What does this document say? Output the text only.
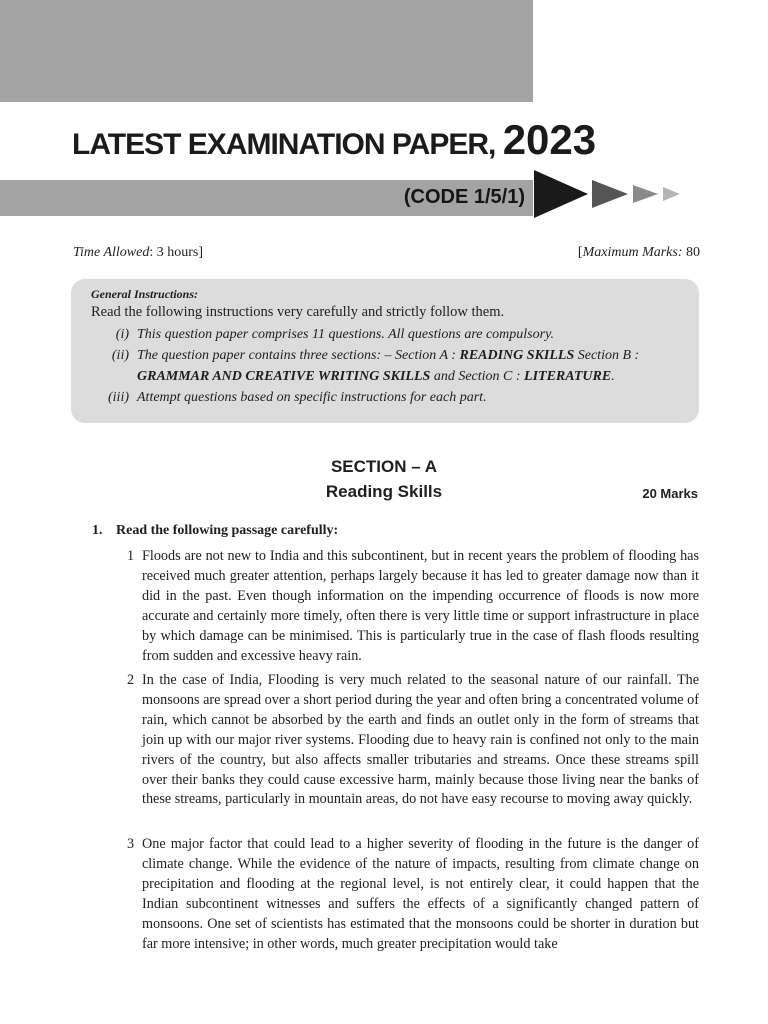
LATEST EXAMINATION PAPER, 2023
(CODE 1/5/1)
Time Allowed: 3 hours]	[Maximum Marks: 80
General Instructions:
Read the following instructions very carefully and strictly follow them.
(i) This question paper comprises 11 questions. All questions are compulsory.
(ii) The question paper contains three sections: – Section A : READING SKILLS Section B : GRAMMAR AND CREATIVE WRITING SKILLS and Section C : LITERATURE.
(iii) Attempt questions based on specific instructions for each part.
SECTION – A
Reading Skills	20 Marks
1. Read the following passage carefully:
1 Floods are not new to India and this subcontinent, but in recent years the problem of flooding has received much greater attention, perhaps largely because it has led to greater damage now than it did in the past. Even though information on the impending occurrence of floods is now more accurate and certainly more timely, often there is very little time or support infrastructure in place by which damage can be minimised. This is particularly true in the case of flash floods resulting from sudden and excessive heavy rain.
2 In the case of India, Flooding is very much related to the seasonal nature of our rainfall. The monsoons are spread over a short period during the year and often bring a concentrated volume of rain, which cannot be absorbed by the earth and finds an outlet only in the form of streams that join up with our major river systems. Flooding due to heavy rain is confined not only to the main rivers of the country, but also affects smaller tributaries and streams. Once these streams spill over their banks they could cause excessive harm, mainly because those living near the banks of these streams, particularly in mountain areas, do not have easy recourse to moving away quickly.
3 One major factor that could lead to a higher severity of flooding in the future is the danger of climate change. While the evidence of the nature of impacts, resulting from climate change on precipitation and flooding at the regional level, is not entirely clear, it could happen that the Indian subcontinent witnesses and suffers the effects of a significantly changed pattern of monsoons. One set of scientists has estimated that the monsoons could be shorter in duration but far more intensive; in other words, much greater precipitation would take
